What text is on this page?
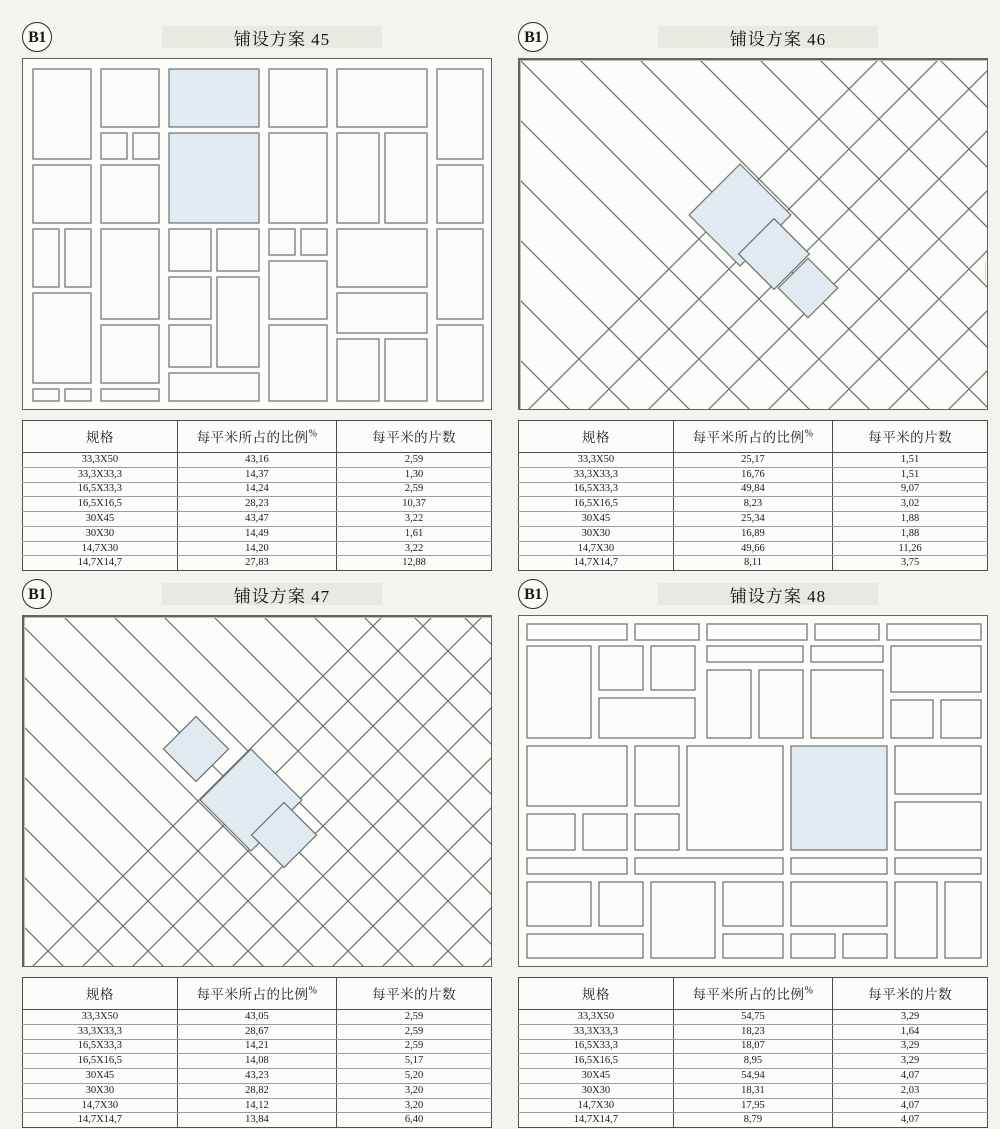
B1	铺设方案 45
规格	每平米所占的比例%	每平米的片数
33,3X50	43,16	2,59
33,3X33,3	14,37	1,30
16,5X33,3	14,24	2,59
16,5X16,5	28,23	10,37
30X45	43,47	3,22
30X30	14,49	1,61
14,7X30	14,20	3,22
14,7X14,7	27,83	12,88
B1	铺设方案 46
规格	每平米所占的比例%	每平米的片数
33,3X50	25,17	1,51
33,3X33,3	16,76	1,51
16,5X33,3	49,84	9,07
16,5X16,5	8,23	3,02
30X45	25,34	1,88
30X30	16,89	1,88
14,7X30	49,66	11,26
14,7X14,7	8,11	3,75
B1	铺设方案 47
规格	每平米所占的比例%	每平米的片数
33,3X50	43,05	2,59
33,3X33,3	28,67	2,59
16,5X33,3	14,21	2,59
16,5X16,5	14,08	5,17
30X45	43,23	5,20
30X30	28,82	3,20
14,7X30	14,12	3,20
14,7X14,7	13,84	6,40
B1	铺设方案 48
规格	每平米所占的比例%	每平米的片数
33,3X50	54,75	3,29
33,3X33,3	18,23	1,64
16,5X33,3	18,07	3,29
16,5X16,5	8,95	3,29
30X45	54,94	4,07
30X30	18,31	2,03
14,7X30	17,95	4,07
14,7X14,7	8,79	4,07
